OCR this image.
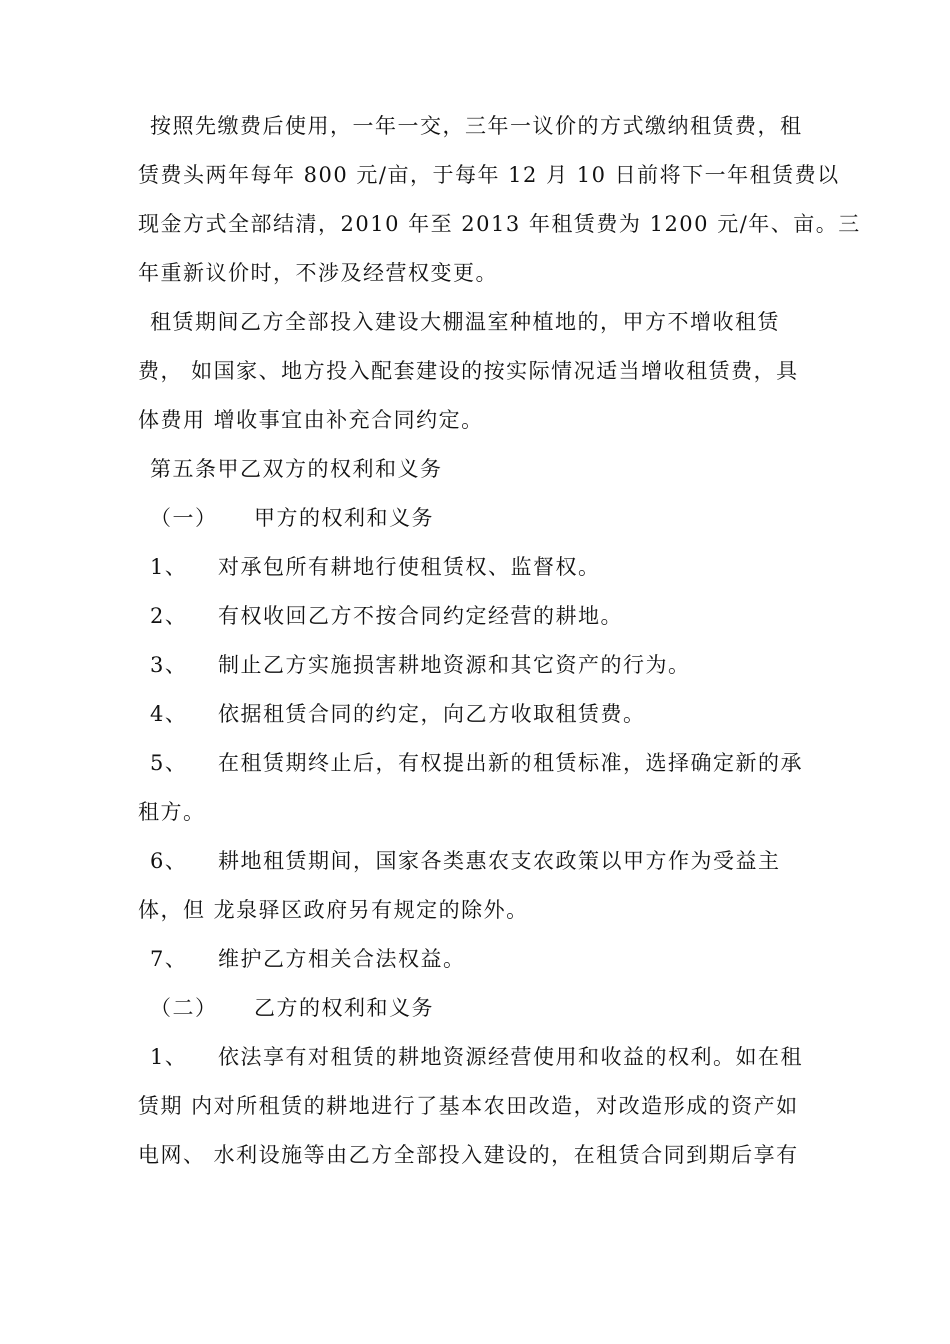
按照先缴费后使用，一年一交，三年一议价的方式缴纳租赁费，租
赁费头两年每年 800 元/亩，于每年 12 月 10 日前将下一年租赁费以
现金方式全部结清，2010 年至 2013 年租赁费为 1200 元/年、亩。三
年重新议价时，不涉及经营权变更。
租赁期间乙方全部投入建设大棚温室种植地的，甲方不增收租赁
费， 如国家、地方投入配套建设的按实际情况适当增收租赁费，具
体费用 增收事宜由补充合同约定。
第五条甲乙双方的权利和义务
（一） 甲方的权利和义务
1、 对承包所有耕地行使租赁权、监督权。
2、 有权收回乙方不按合同约定经营的耕地。
3、 制止乙方实施损害耕地资源和其它资产的行为。
4、 依据租赁合同的约定，向乙方收取租赁费。
5、 在租赁期终止后，有权提出新的租赁标准，选择确定新的承
租方。
6、 耕地租赁期间，国家各类惠农支农政策以甲方作为受益主
体，但 龙泉驿区政府另有规定的除外。
7、 维护乙方相关合法权益。
（二） 乙方的权利和义务
1、 依法享有对租赁的耕地资源经营使用和收益的权利。如在租
赁期 内对所租赁的耕地进行了基本农田改造，对改造形成的资产如
电网、 水利设施等由乙方全部投入建设的，在租赁合同到期后享有
